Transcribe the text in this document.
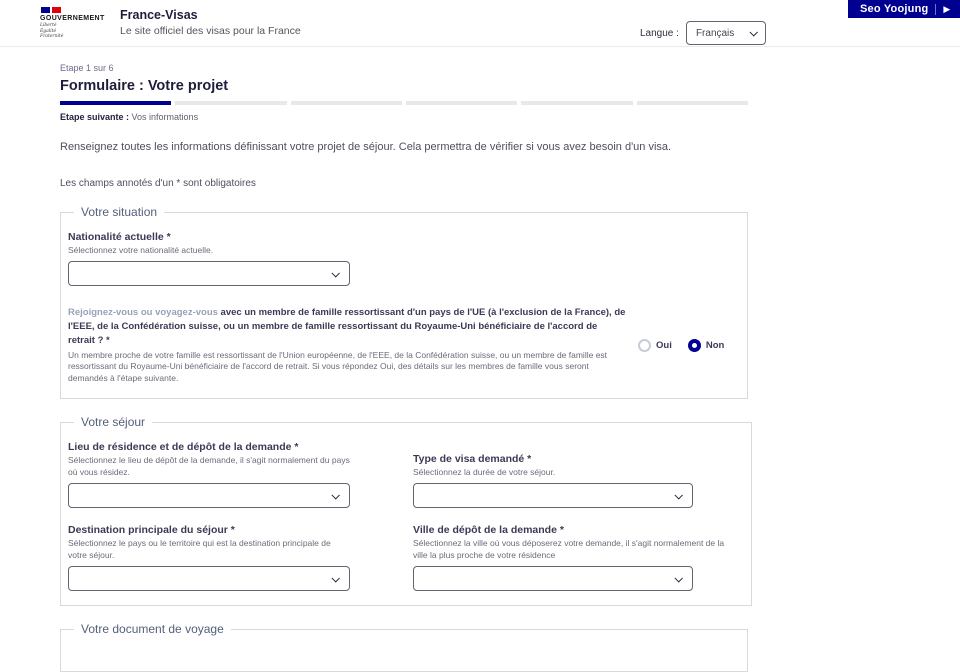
Seo Yoojung ▶
GOUVERNEMENT
Liberté
Égalité
Fraternité
France-Visas
Le site officiel des visas pour la France	Langue : Français
Etape 1 sur 6
Formulaire : Votre projet
Etape suivante : Vos informations

Renseignez toutes les informations définissant votre projet de séjour. Cela permettra de vérifier si vous avez besoin d'un visa.

Les champs annotés d'un * sont obligatoires

Votre situation
Nationalité actuelle *
Sélectionnez votre nationalité actuelle.

Rejoignez-vous ou voyagez-vous avec un membre de famille ressortissant d'un pays de l'UE (à l'exclusion de la France), de l'EEE, de la Confédération suisse, ou un membre de famille ressortissant du Royaume-Uni bénéficiaire de l'accord de retrait ? *

Un membre proche de votre famille est ressortissant de l'Union européenne, de l'EEE, de la Confédération suisse, ou un membre de famille est ressortissant du Royaume-Uni bénéficiaire de l'accord de retrait. Si vous répondez Oui, des détails sur les membres de famille vous seront demandés à l'étape suivante.
Oui	Non
Votre séjour
Lieu de résidence et de dépôt de la demande *
Sélectionnez le lieu de dépôt de la demande, il s'agit normalement du pays où vous résidez.
Type de visa demandé *
Sélectionnez la durée de votre séjour.
Destination principale du séjour *
Sélectionnez le pays ou le territoire qui est la destination principale de votre séjour.
Ville de dépôt de la demande *
Sélectionnez la ville où vous déposerez votre demande, il s'agit normalement de la ville la plus proche de votre résidence
Votre document de voyage
